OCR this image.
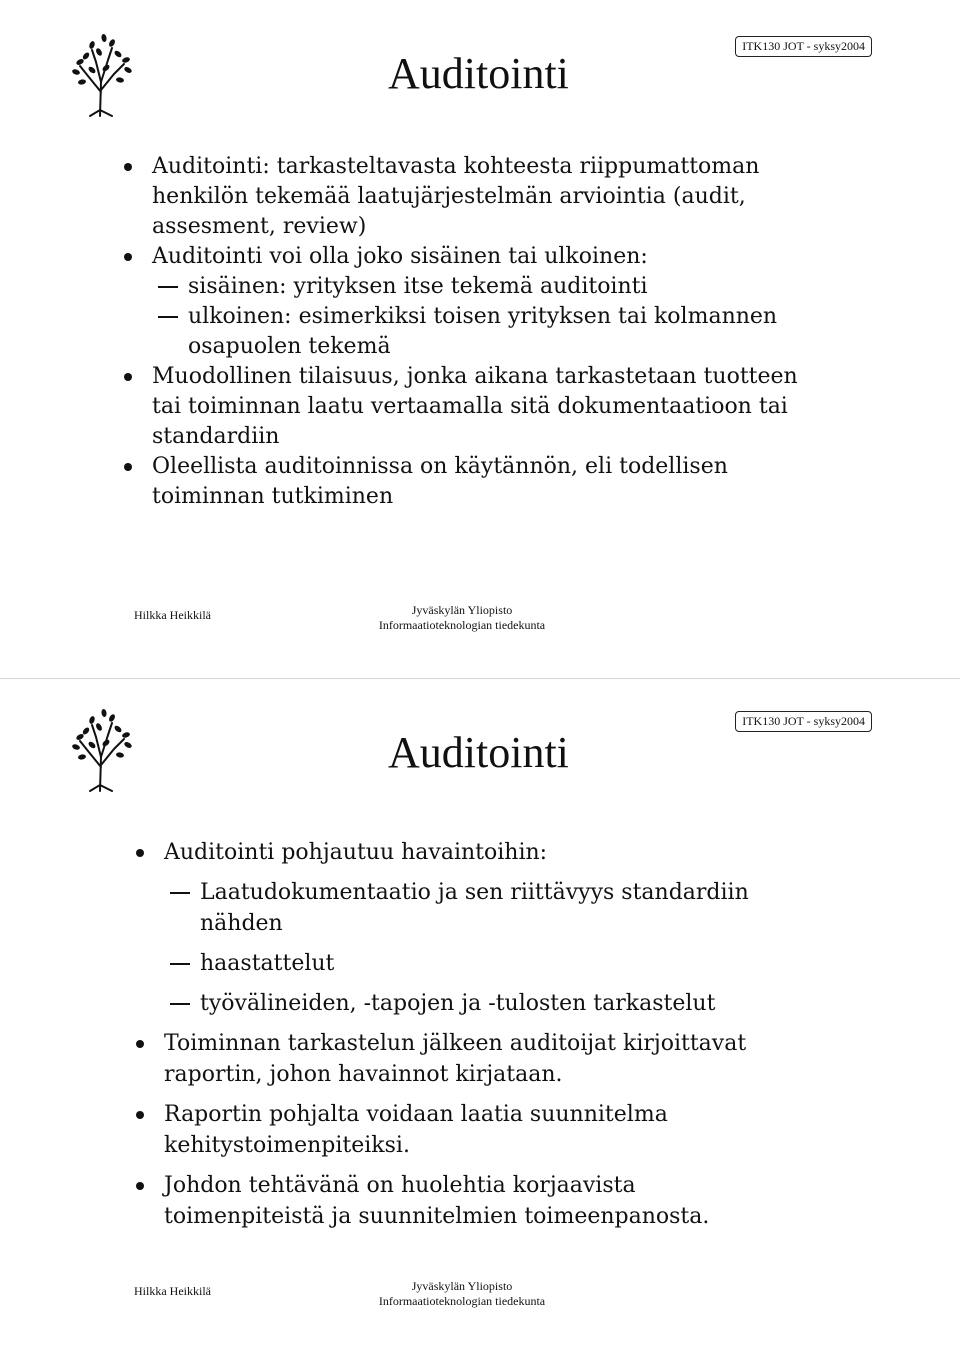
ITK130 JOT - syksy2004
Auditointi
Auditointi: tarkasteltavasta kohteesta riippumattoman
henkilön tekemää laatujärjestelmän arviointia (audit,
assesment, review)
Auditointi voi olla joko sisäinen tai ulkoinen:
sisäinen: yrityksen itse tekemä auditointi
ulkoinen: esimerkiksi toisen yrityksen tai kolmannen
osapuolen tekemä
Muodollinen tilaisuus, jonka aikana tarkastetaan tuotteen
tai toiminnan laatu vertaamalla sitä dokumentaatioon tai
standardiin
Oleellista auditoinnissa on käytännön, eli todellisen
toiminnan tutkiminen
Hilkka Heikkilä	Jyväskylän Yliopisto
Informaatioteknologian tiedekunta
ITK130 JOT - syksy2004
Auditointi
Auditointi pohjautuu havaintoihin:
Laatudokumentaatio ja sen riittävyys standardiin
nähden
haastattelut
työvälineiden, -tapojen ja -tulosten tarkastelut
Toiminnan tarkastelun jälkeen auditoijat kirjoittavat
raportin, johon havainnot kirjataan.
Raportin pohjalta voidaan laatia suunnitelma
kehitystoimenpiteiksi.
Johdon tehtävänä on huolehtia korjaavista
toimenpiteistä ja suunnitelmien toimeenpanosta.
Hilkka Heikkilä	Jyväskylän Yliopisto
Informaatioteknologian tiedekunta
